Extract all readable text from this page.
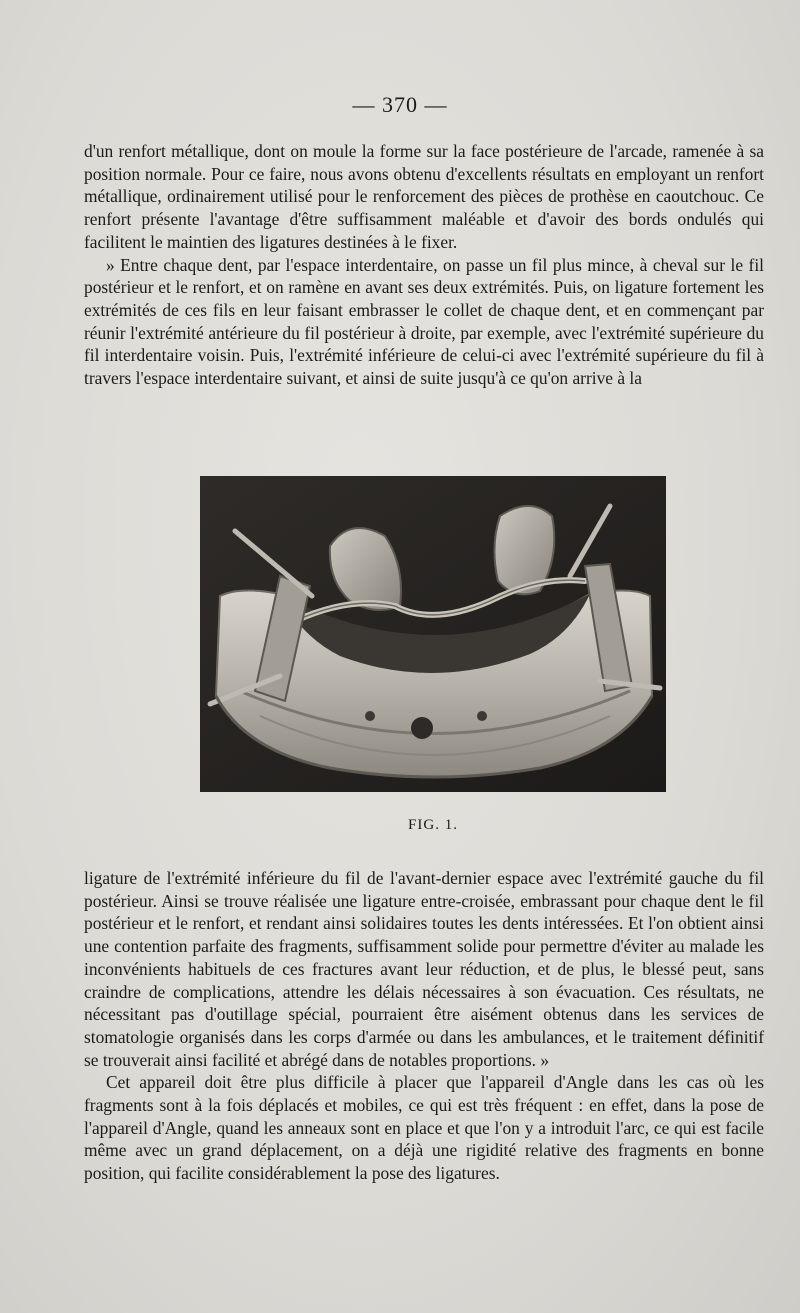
— 370 —

d'un renfort métallique, dont on moule la forme sur la face postérieure de l'arcade, ramenée à sa position normale. Pour ce faire, nous avons obtenu d'excellents résultats en employant un renfort métallique, ordinairement utilisé pour le renforcement des pièces de prothèse en caoutchouc. Ce renfort présente l'avantage d'être suffisamment maléable et d'avoir des bords ondulés qui facilitent le maintien des ligatures destinées à le fixer.

» Entre chaque dent, par l'espace interdentaire, on passe un fil plus mince, à cheval sur le fil postérieur et le renfort, et on ramène en avant ses deux extrémités. Puis, on ligature fortement les extrémités de ces fils en leur faisant embrasser le collet de chaque dent, et en commençant par réunir l'extrémité antérieure du fil postérieur à droite, par exemple, avec l'extrémité supérieure du fil interdentaire voisin. Puis, l'extrémité inférieure de celui-ci avec l'extrémité supérieure du fil à travers l'espace interdentaire suivant, et ainsi de suite jusqu'à ce qu'on arrive à la

FIG. 1.

ligature de l'extrémité inférieure du fil de l'avant-dernier espace avec l'extrémité gauche du fil postérieur. Ainsi se trouve réalisée une ligature entre-croisée, embrassant pour chaque dent le fil postérieur et le renfort, et rendant ainsi solidaires toutes les dents intéressées. Et l'on obtient ainsi une contention parfaite des fragments, suffisamment solide pour permettre d'éviter au malade les inconvénients habituels de ces fractures avant leur réduction, et de plus, le blessé peut, sans craindre de complications, attendre les délais nécessaires à son évacuation. Ces résultats, ne nécessitant pas d'outillage spécial, pourraient être aisément obtenus dans les services de stomatologie organisés dans les corps d'armée ou dans les ambulances, et le traitement définitif se trouverait ainsi facilité et abrégé dans de notables proportions. »

Cet appareil doit être plus difficile à placer que l'appareil d'Angle dans les cas où les fragments sont à la fois déplacés et mobiles, ce qui est très fréquent : en effet, dans la pose de l'appareil d'Angle, quand les anneaux sont en place et que l'on y a introduit l'arc, ce qui est facile même avec un grand déplacement, on a déjà une rigidité relative des fragments en bonne position, qui facilite considérablement la pose des ligatures.
